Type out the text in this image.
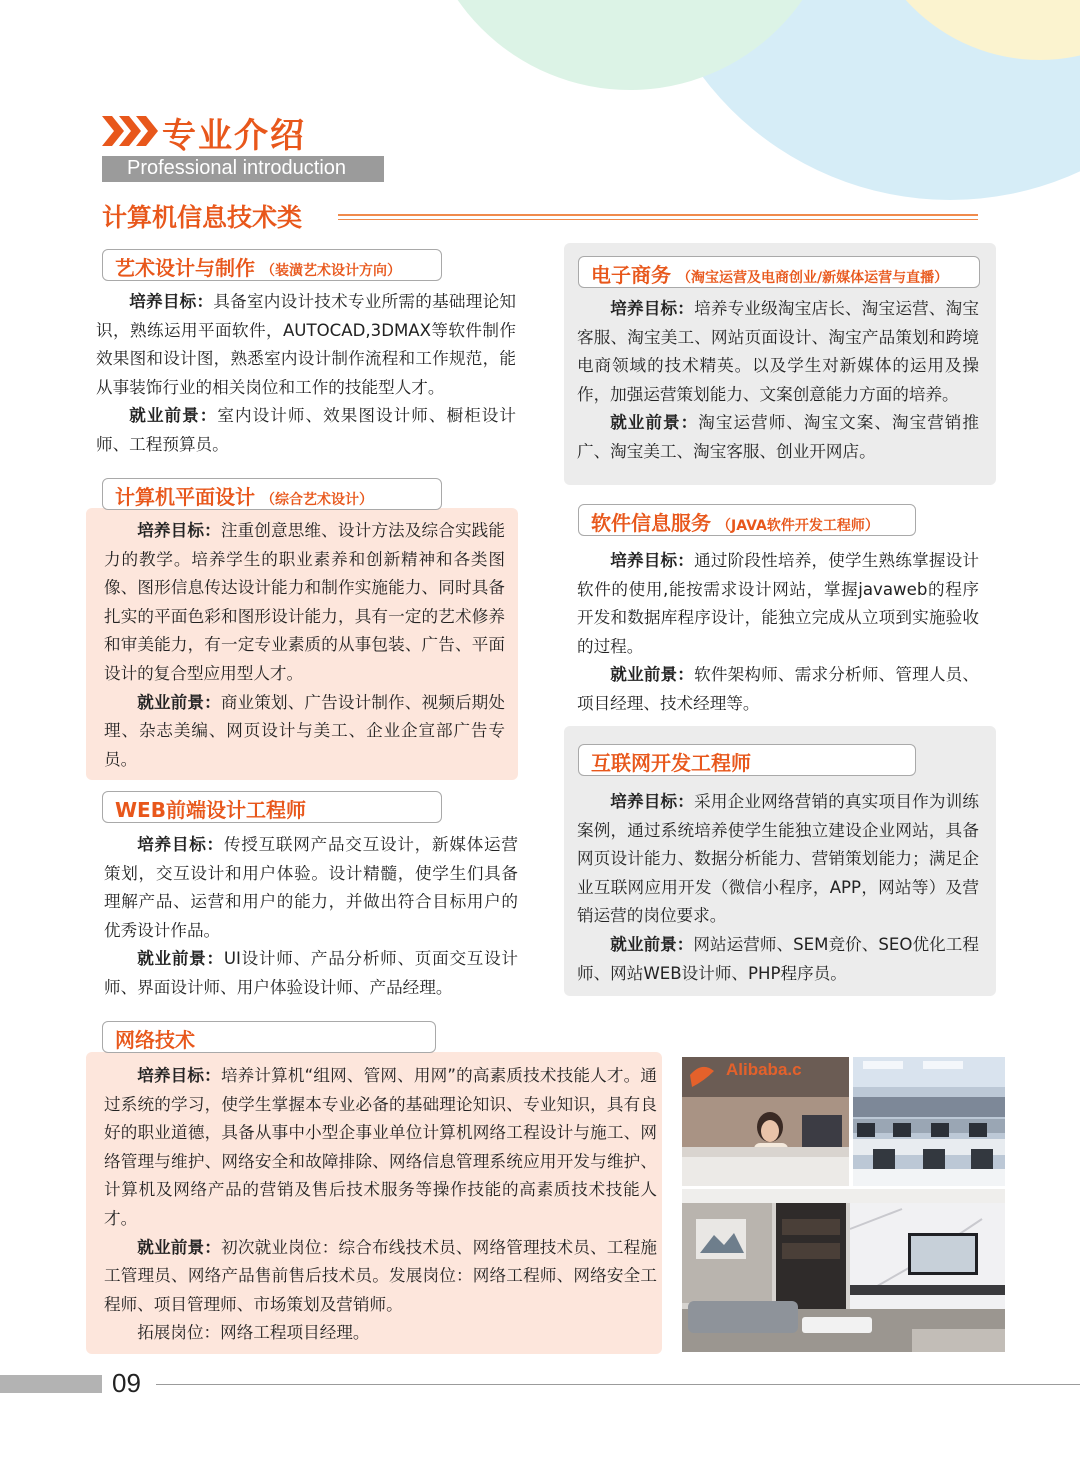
专业介绍
Professional introduction
计算机信息技术类
艺术设计与制作 （装潢艺术设计方向）

培养目标：具备室内设计技术专业所需的基础理论知识，熟练运用平面软件，AUTOCAD,3DMAX等软件制作效果图和设计图，熟悉室内设计制作流程和工作规范，能从事装饰行业的相关岗位和工作的技能型人才。

就业前景：室内设计师、效果图设计师、橱柜设计师、工程预算员。

计算机平面设计 （综合艺术设计）

培养目标：注重创意思维、设计方法及综合实践能力的教学。培养学生的职业素养和创新精神和各类图像、图形信息传达设计能力和制作实施能力、同时具备扎实的平面色彩和图形设计能力，具有一定的艺术修养和审美能力，有一定专业素质的从事包装、广告、平面设计的复合型应用型人才。

就业前景：商业策划、广告设计制作、视频后期处理、杂志美编、网页设计与美工、企业企宣部广告专员。

WEB前端设计工程师

培养目标：传授互联网产品交互设计，新媒体运营策划，交互设计和用户体验。设计精髓，使学生们具备理解产品、运营和用户的能力，并做出符合目标用户的优秀设计作品。

就业前景：UI设计师、产品分析师、页面交互设计师、界面设计师、用户体验设计师、产品经理。

网络技术

培养目标：培养计算机“组网、管网、用网”的高素质技术技能人才。通过系统的学习，使学生掌握本专业必备的基础理论知识、专业知识，具有良好的职业道德，具备从事中小型企事业单位计算机网络工程设计与施工、网络管理与维护、网络安全和故障排除、网络信息管理系统应用开发与维护、计算机及网络产品的营销及售后技术服务等操作技能的高素质技术技能人才。

就业前景：初次就业岗位：综合布线技术员、网络管理技术员、工程施工管理员、网络产品售前售后技术员。发展岗位：网络工程师、网络安全工程师、项目管理师、市场策划及营销师。

拓展岗位：网络工程项目经理。

电子商务 （淘宝运营及电商创业/新媒体运营与直播）

培养目标：培养专业级淘宝店长、淘宝运营、淘宝客服、淘宝美工、网站页面设计、淘宝产品策划和跨境电商领域的技术精英。以及学生对新媒体的运用及操作，加强运营策划能力、文案创意能力方面的培养。

就业前景：淘宝运营师、淘宝文案、淘宝营销推广、淘宝美工、淘宝客服、创业开网店。

软件信息服务 （JAVA软件开发工程师）

培养目标：通过阶段性培养，使学生熟练掌握设计软件的使用,能按需求设计网站，掌握javaweb的程序开发和数据库程序设计，能独立完成从立项到实施验收的过程。

就业前景：软件架构师、需求分析师、管理人员、项目经理、技术经理等。

互联网开发工程师

培养目标：采用企业网络营销的真实项目作为训练案例，通过系统培养使学生能独立建设企业网站，具备网页设计能力、数据分析能力、营销策划能力；满足企业互联网应用开发（微信小程序，APP，网站等）及营销运营的岗位要求。

就业前景：网站运营师、SEM竞价、SEO优化工程师、网站WEB设计师、PHP程序员。

Alibaba.c
09
